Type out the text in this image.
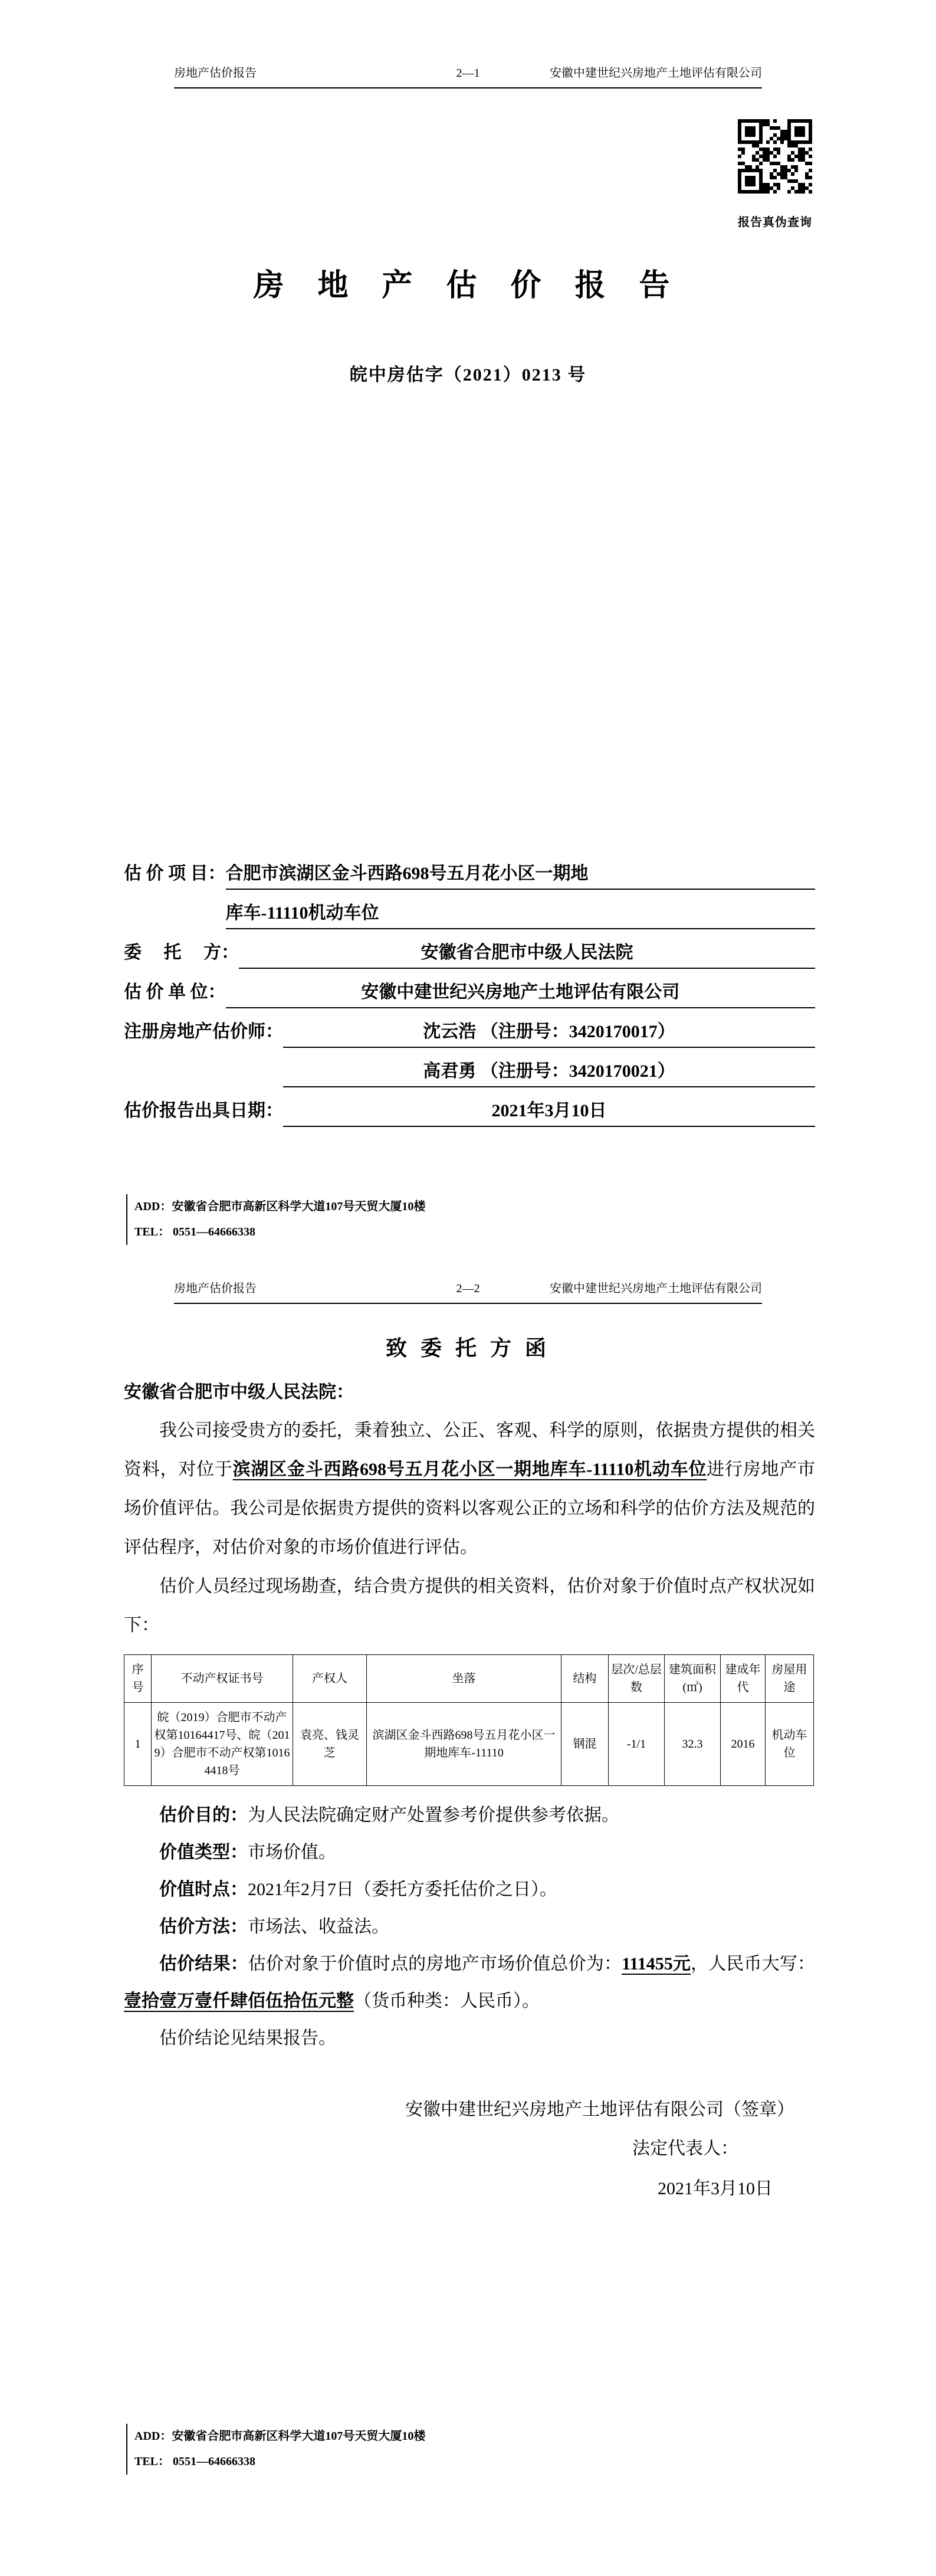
房地产估价报告	2—1	安徽中建世纪兴房地产土地评估有限公司
报告真伪查询
房 地 产 估 价 报 告
皖中房估字（2021）0213 号
估 价 项 目： 合肥市滨湖区金斗西路698号五月花小区一期地
库车-11110机动车位
委　 托　 方：	安徽省合肥市中级人民法院
估 价 单 位：	安徽中建世纪兴房地产土地评估有限公司
注册房地产估价师：	沈云浩 （注册号：3420170017）
高君勇 （注册号：3420170021）
估价报告出具日期：	2021年3月10日
ADD：安徽省合肥市高新区科学大道107号天贸大厦10楼
TEL： 0551—64666338
房地产估价报告	2—2	安徽中建世纪兴房地产土地评估有限公司
致 委 托 方 函
安徽省合肥市中级人民法院：
我公司接受贵方的委托，秉着独立、公正、客观、科学的原则，依据贵方提供的相关资料，对位于滨湖区金斗西路698号五月花小区一期地库车-11110机动车位进行房地产市场价值评估。我公司是依据贵方提供的资料以客观公正的立场和科学的估价方法及规范的评估程序，对估价对象的市场价值进行评估。
估价人员经过现场勘查，结合贵方提供的相关资料，估价对象于价值时点产权状况如下：
序号	不动产权证书号	产权人	坐落	结构	层次/总层数	建筑面积(㎡)	建成年代	房屋用途
1	皖（2019）合肥市不动产权第10164417号、皖（2019）合肥市不动产权第10164418号	袁亮、钱灵芝	滨湖区金斗西路698号五月花小区一期地库车-11110	钢混	-1/1	32.3	2016	机动车位
估价目的：为人民法院确定财产处置参考价提供参考依据。
价值类型：市场价值。
价值时点：2021年2月7日（委托方委托估价之日）。
估价方法：市场法、收益法。
估价结果：估价对象于价值时点的房地产市场价值总价为：111455元，人民币大写：壹拾壹万壹仟肆佰伍拾伍元整（货币种类：人民币）。
估价结论见结果报告。
安徽中建世纪兴房地产土地评估有限公司（签章）
法定代表人：
2021年3月10日
ADD：安徽省合肥市高新区科学大道107号天贸大厦10楼
TEL： 0551—64666338
